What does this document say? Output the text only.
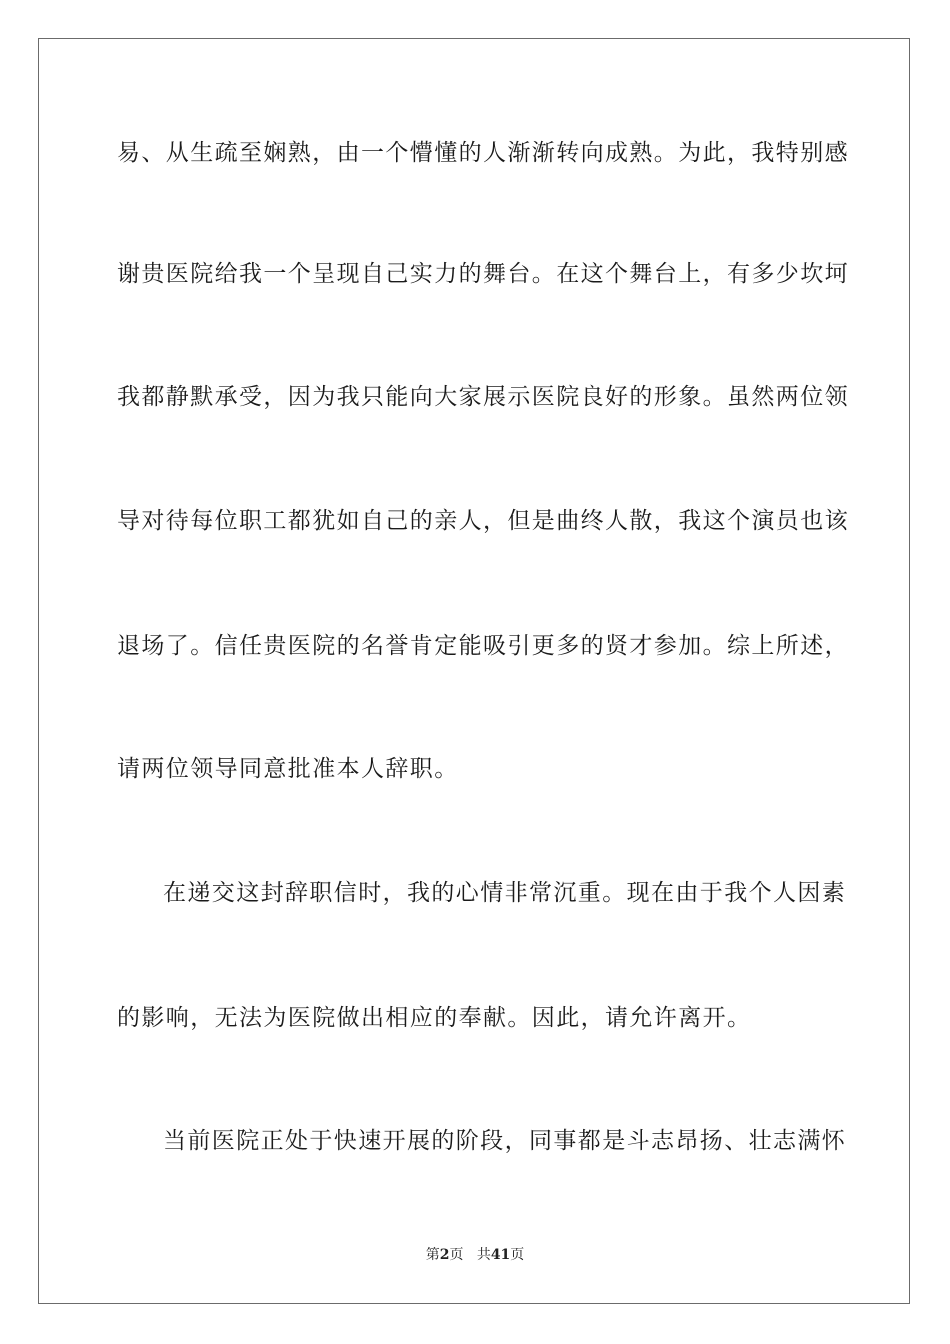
易、从生疏至娴熟，由一个懵懂的人渐渐转向成熟。为此，我特别感
谢贵医院给我一个呈现自己实力的舞台。在这个舞台上，有多少坎坷
我都静默承受，因为我只能向大家展示医院良好的形象。虽然两位领
导对待每位职工都犹如自己的亲人，但是曲终人散，我这个演员也该
退场了。信任贵医院的名誉肯定能吸引更多的贤才参加。综上所述，
请两位领导同意批准本人辞职。
在递交这封辞职信时，我的心情非常沉重。现在由于我个人因素
的影响，无法为医院做出相应的奉献。因此，请允许离开。
当前医院正处于快速开展的阶段，同事都是斗志昂扬、壮志满怀
第2页 共41页
